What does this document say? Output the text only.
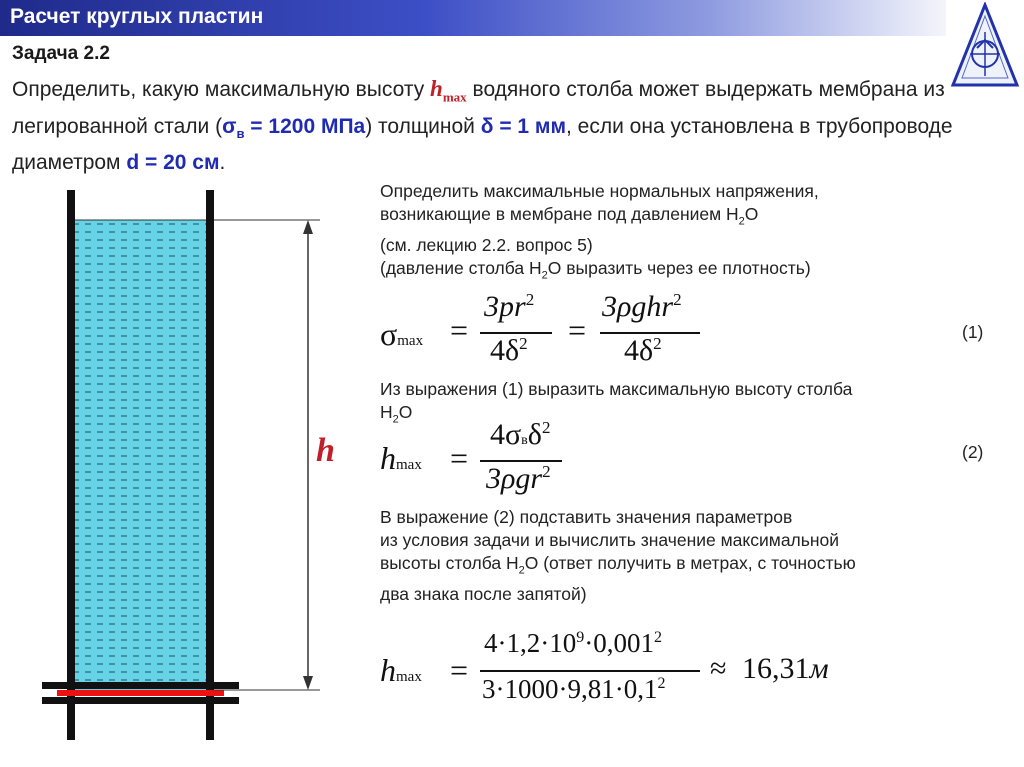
Расчет круглых пластин
Задача 2.2
Определить, какую максимальную высоту $h_{max}$ водяного столба может выдержать мембрана из легированной стали ($\sigma_в = 1200$ МПа) толщиной δ = 1 мм, если она установлена в трубопроводе диаметром d = 20 см.
h

Определить максимальные нормальных напряжения,

возникающие в мембране под давлением $H_2O$

(см. лекцию 2.2. вопрос 5)

(давление столба $H_2O$ выразить через ее плотность)

σmax =
$3pr^2$
$4\delta^2$ =
3ρghr$^2$
$4\delta^2$
(1)

Из выражения (1) выразить максимальную высоту столба

$H_2O$

hmax =
4σвδ$^2$
3ρgr$^2$
(2)

В выражение (2) подставить значения параметров

из условия задачи и вычислить значение максимальной

высоты столба $H_2O$ (ответ получить в метрах, с точностью

два знака после запятой)

hmax =
$4\cdot 1,2\cdot 10^9\cdot 0,001^2$
$3\cdot 1000\cdot 9,81\cdot 0,1^2 \approx 16,31м$
